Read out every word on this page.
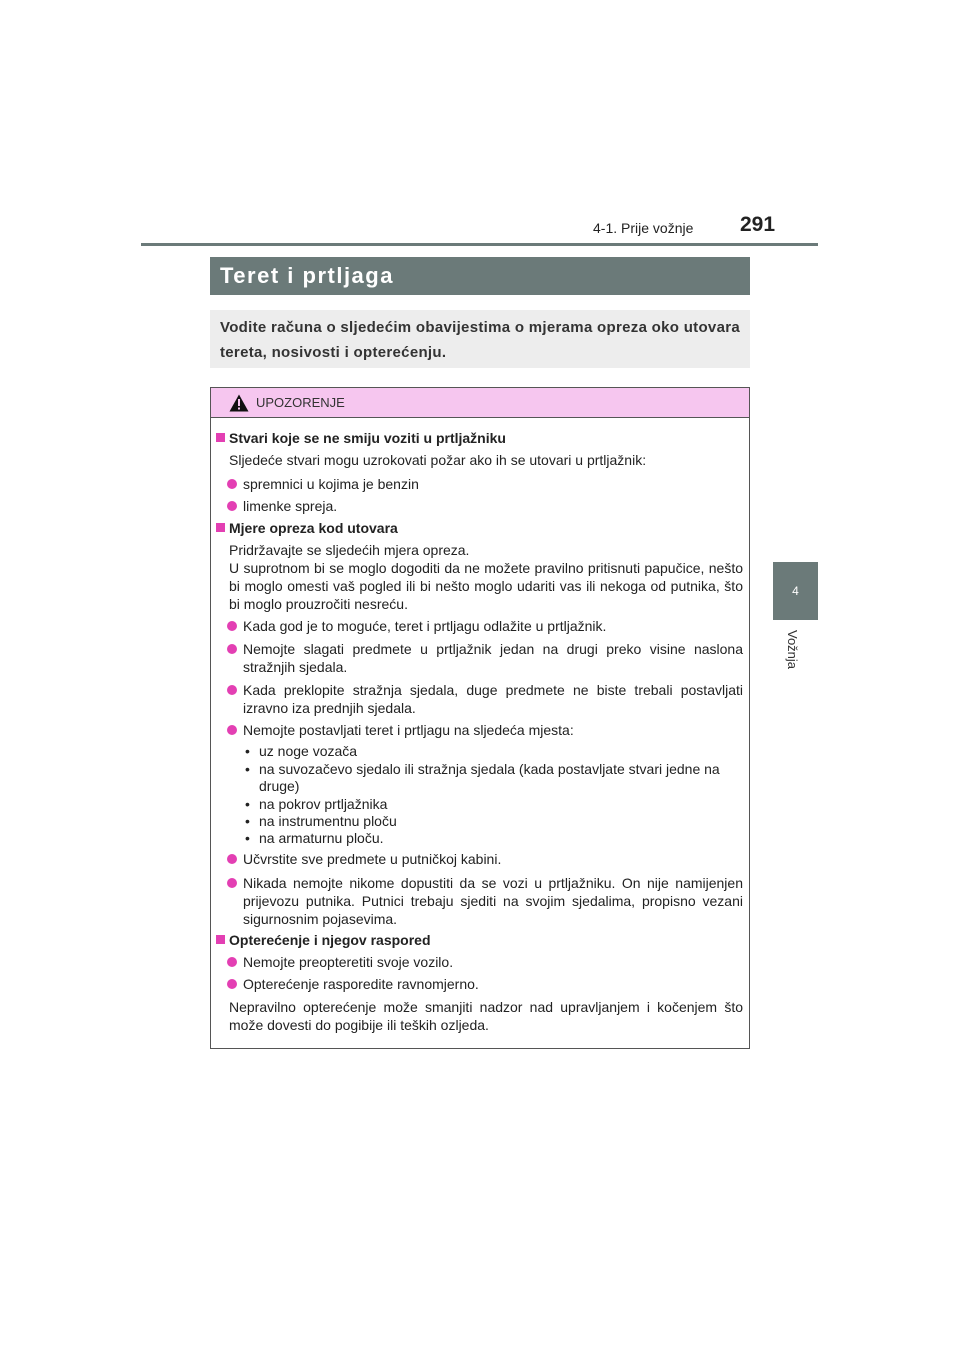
4-1. Prije vožnje 291
4
Vožnja
Teret i prtljaga

Vodite računa o sljedećim obavijestima o mjerama opreza oko utovara tereta, nosivosti i opterećenju.

UPOZORENJE
Stvari koje se ne smiju voziti u prtljažniku
Sljedeće stvari mogu uzrokovati požar ako ih se utovari u prtljažnik:
spremnici u kojima je benzin
limenke spreja.
Mjere opreza kod utovara
Pridržavajte se sljedećih mjera opreza.
U suprotnom bi se moglo dogoditi da ne možete pravilno pritisnuti papučice, nešto bi moglo omesti vaš pogled ili bi nešto moglo udariti vas ili nekoga od putnika, što bi moglo prouzročiti nesreću.
Kada god je to moguće, teret i prtljagu odlažite u prtljažnik.
Nemojte slagati predmete u prtljažnik jedan na drugi preko visine naslona stražnjih sjedala.
Kada preklopite stražnja sjedala, duge predmete ne biste trebali postavljati izravno iza prednjih sjedala.
Nemojte postavljati teret i prtljagu na sljedeća mjesta:
• uz noge vozača
• na suvozačevo sjedalo ili stražnja sjedala (kada postavljate stvari jedne na druge)
• na pokrov prtljažnika
• na instrumentnu ploču
• na armaturnu ploču.
Učvrstite sve predmete u putničkoj kabini.
Nikada nemojte nikome dopustiti da se vozi u prtljažniku. On nije namijenjen prijevozu putnika. Putnici trebaju sjediti na svojim sjedalima, propisno vezani sigurnosnim pojasevima.
Opterećenje i njegov raspored
Nemojte preopteretiti svoje vozilo.
Opterećenje rasporedite ravnomjerno.
Nepravilno opterećenje može smanjiti nadzor nad upravljanjem i kočenjem što može dovesti do pogibije ili teških ozljeda.
